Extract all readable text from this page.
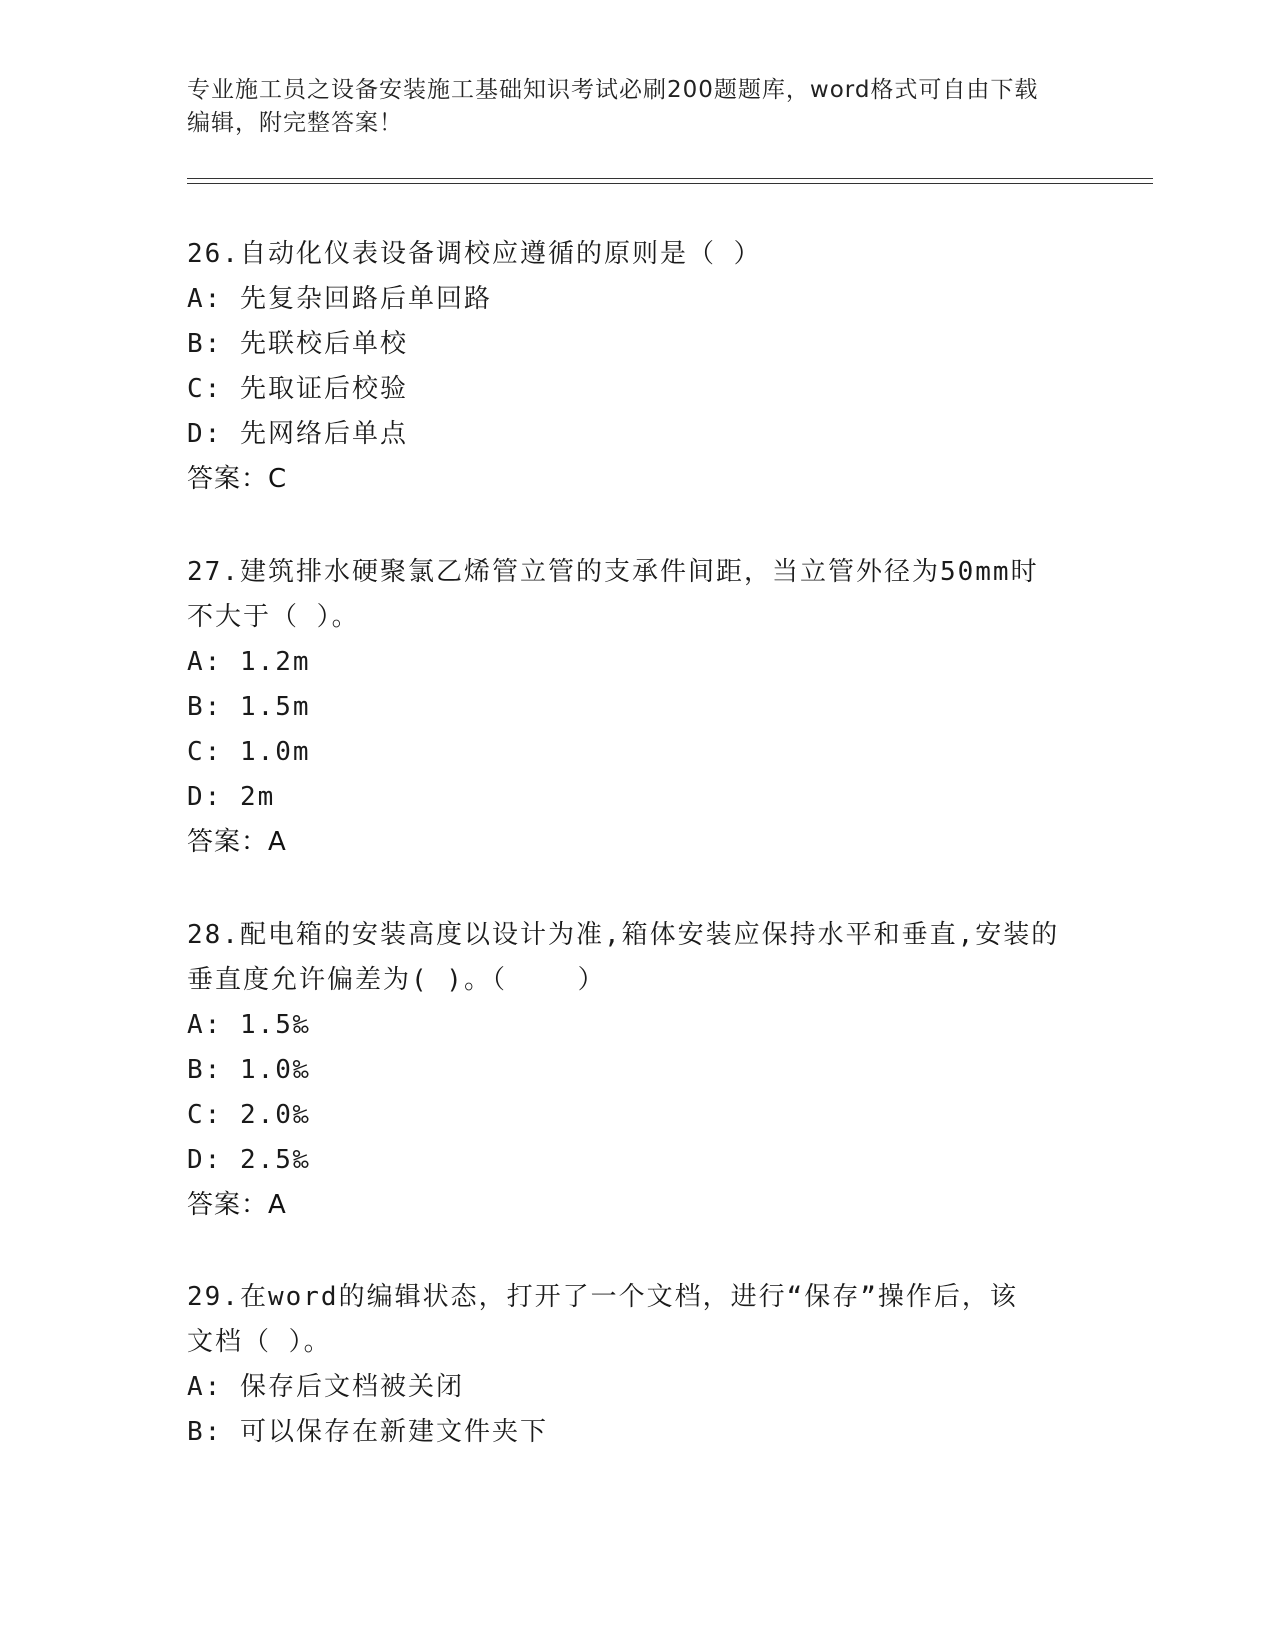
专业施工员之设备安装施工基础知识考试必刷200题题库，word格式可自由下载
编辑，附完整答案！
26.自动化仪表设备调校应遵循的原则是（ ）
A: 先复杂回路后单回路
B: 先联校后单校
C: 先取证后校验
D: 先网络后单点
答案：C
27.建筑排水硬聚氯乙烯管立管的支承件间距，当立管外径为50mm时
不大于（ ）。
A: 1.2m
B: 1.5m
C: 1.0m
D: 2m
答案：A
28.配电箱的安装高度以设计为准,箱体安装应保持水平和垂直,安装的
垂直度允许偏差为( )。（    ）
A: 1.5‰
B: 1.0‰
C: 2.0‰
D: 2.5‰
答案：A
29.在word的编辑状态，打开了一个文档，进行“保存”操作后，该
文档（ ）。
A: 保存后文档被关闭
B: 可以保存在新建文件夹下
